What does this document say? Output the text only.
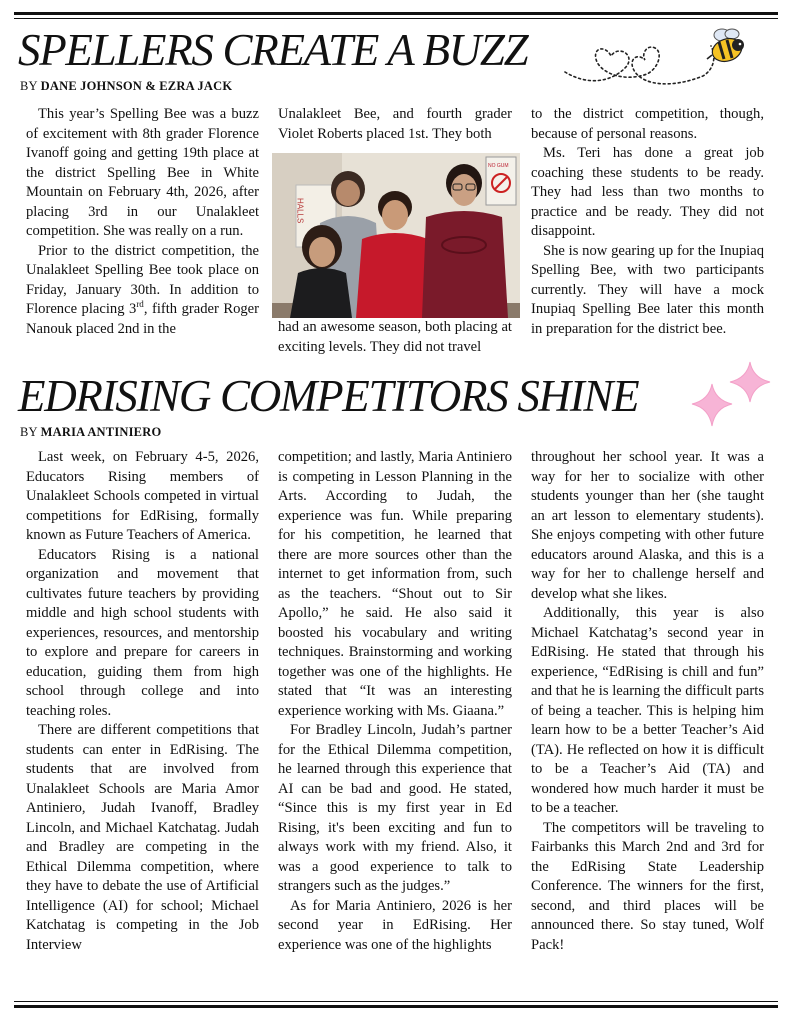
SPELLERS CREATE A BUZZ
BY DANE JOHNSON & EZRA JACK

This year’s Spelling Bee was a buzz of excitement with 8th grader Florence Ivanoff going and getting 19th place at the district Spelling Bee in White Mountain on February 4th, 2026, after placing 3rd in our Unalakleet competition. She was really on a run.

Prior to the district competition, the Unalakleet Spelling Bee took place on Friday, January 30th. In addition to Florence placing 3rd, fifth grader Roger Nanouk placed 2nd in the

Unalakleet Bee, and fourth grader Violet Roberts placed 1st. They both

HALLS
NO GUM

had an awesome season, both placing at exciting levels. They did not travel

to the district competition, though, because of personal reasons.

Ms. Teri has done a great job coaching these students to be ready. They had less than two months to practice and be ready. They did not disappoint.

She is now gearing up for the Inupiaq Spelling Bee, with two participants currently. They will have a mock Inupiaq Spelling Bee later this month in preparation for the district bee.

EDRISING COMPETITORS SHINE
BY MARIA ANTINIERO

Last week, on February 4-5, 2026, Educators Rising members of Unalakleet Schools competed in virtual competitions for EdRising, formally known as Future Teachers of America.

Educators Rising is a national organization and movement that cultivates future teachers by providing middle and high school students with experiences, resources, and mentorship to explore and prepare for careers in education, guiding them from high school through college and into teaching roles.

There are different competitions that students can enter in EdRising. The students that are involved from Unalakleet Schools are Maria Amor Antiniero, Judah Ivanoff, Bradley Lincoln, and Michael Katchatag. Judah and Bradley are competing in the Ethical Dilemma competition, where they have to debate the use of Artificial Intelligence (AI) for school; Michael Katchatag is competing in the Job Interview

competition; and lastly, Maria Antiniero is competing in Lesson Planning in the Arts. According to Judah, the experience was fun. While preparing for his competition, he learned that there are more sources other than the internet to get information from, such as the teachers. “Shout out to Sir Apollo,” he said. He also said it boosted his vocabulary and writing techniques. Brainstorming and working together was one of the highlights. He stated that “It was an interesting experience working with Ms. Giaana.”

For Bradley Lincoln, Judah’s partner for the Ethical Dilemma competition, he learned through this experience that AI can be bad and good. He stated, “Since this is my first year in Ed Rising, it's been exciting and fun to always work with my friend. Also, it was a good experience to talk to strangers such as the judges.”

As for Maria Antiniero, 2026 is her second year in EdRising. Her experience was one of the highlights

throughout her school year. It was a way for her to socialize with other students younger than her (she taught an art lesson to elementary students). She enjoys competing with other future educators around Alaska, and this is a way for her to challenge herself and develop what she likes.

Additionally, this year is also Michael Katchatag’s second year in EdRising. He stated that through his experience, “EdRising is chill and fun” and that he is learning the difficult parts of being a teacher. This is helping him learn how to be a better Teacher’s Aid (TA). He reflected on how it is difficult to be a Teacher’s Aid (TA) and wondered how much harder it must be to be a teacher.

The competitors will be traveling to Fairbanks this March 2nd and 3rd for the EdRising State Leadership Conference. The winners for the first, second, and third places will be announced there. So stay tuned, Wolf Pack!
